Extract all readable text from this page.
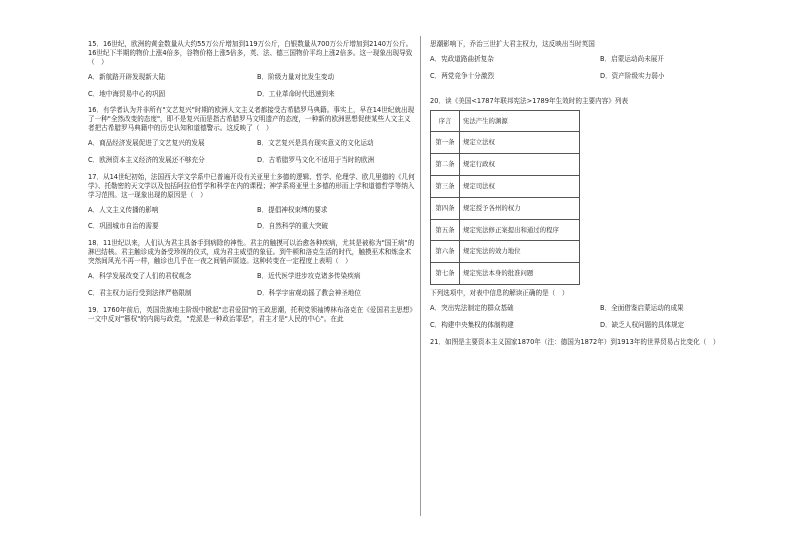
15．16世纪，欧洲的黄金数量从大约55万公斤增加到119万公斤，白银数量从700万公斤增加到2140万公斤。16世纪下半期的物价上涨4倍多，谷物价格上涨5倍多，英、法、德三国物价平均上涨2倍多。这一现象出现导致（　）
A．新航路开辟发现新大陆	B．阶级力量对比发生变动
C．地中海贸易中心的巩固	D．工业革命时代迅速到来
16．有学者认为并非所有"文艺复兴"时期的欧洲人文主义者都接受古希腊罗马典籍。事实上，早在14世纪就出现了一种"全然改变的态度"，即不是复兴而是指古希腊罗马文明遗产的态度，一种新的欧洲思想促使某些人文主义者把古希腊罗马典籍中的历史认知和道德警示。这反映了（　）
A．商品经济发展促进了文艺复兴的发展	B．文艺复兴是具有现实意义的文化运动
C．欧洲资本主义经济的发展还不够充分	D．古希腊罗马文化不适用于当时的欧洲
17．从14世纪初始，法国西大学文学系中已普遍开设有关亚里士多德的逻辑、哲学、伦理学、欧几里德的《几何学》、托勒密的天文学以及包括阿拉伯哲学和科学在内的课程；神学系将亚里士多德的形而上学和道德哲学等纳入学习范围。这一现象出现的原因是（　）
A．人文主义传播的影响	B．提倡神权束缚的要求
C．巩固城市自治的需要	D．自然科学的重大突破
18．11世纪以来，人们认为君主具备手到病除的神性。君主的触摸可以治愈各种疾病，尤其是被称为"国王病"的淋巴结核。君主触诊成为备受珍视的仪式，成为君主威望的象征。到牛顿和洛克生活的时代，触摸巫术和炼金术突然间风光不再一样，触诊也几乎在一夜之间销声匿迹。这种转变在一定程度上表明（　）
A．科学发展改变了人们的君权观念	B．近代医学进步攻克诸多传染疾病
C．君主权力运行受到法律严格限制	D．科学宇宙观动摇了教会神圣地位
19．1760年前后，英国贵族地主阶级中掀起"忠君爱国"的王政思潮，托利党领袖博林布洛克在《爱国君主思想》一文中反对"篡权"的内阁与政党，"党派是一种政治罪恶"，君主才是"人民的中心"。在此
思潮影响下，乔治三世扩大君主权力，这反映出当时英国
A．宪政道路曲折复杂	B．启蒙运动尚未展开
C．两党竞争十分激烈	D．资产阶级实力弱小
20．读《美国<1787年联邦宪法>1789年生效时的主要内容》列表
序言	宪法产生的渊源
第一条	规定立法权
第二条	规定行政权
第三条	规定司法权
第四条	规定授予各州的权力
第五条	规定宪法修正案提出和通过的程序
第六条	规定宪法的效力地位
第七条	规定宪法本身的批准问题
下列选项中，对表中信息的解读正确的是（　）
A．突出宪法制定的群众基础	B．全面借鉴启蒙运动的成果
C．构建中央集权的体制构建	D．缺乏人权问题的具体规定
21．如图是主要资本主义国家1870年（注：德国为1872年）到1913年的世界贸易占比变化（　）
